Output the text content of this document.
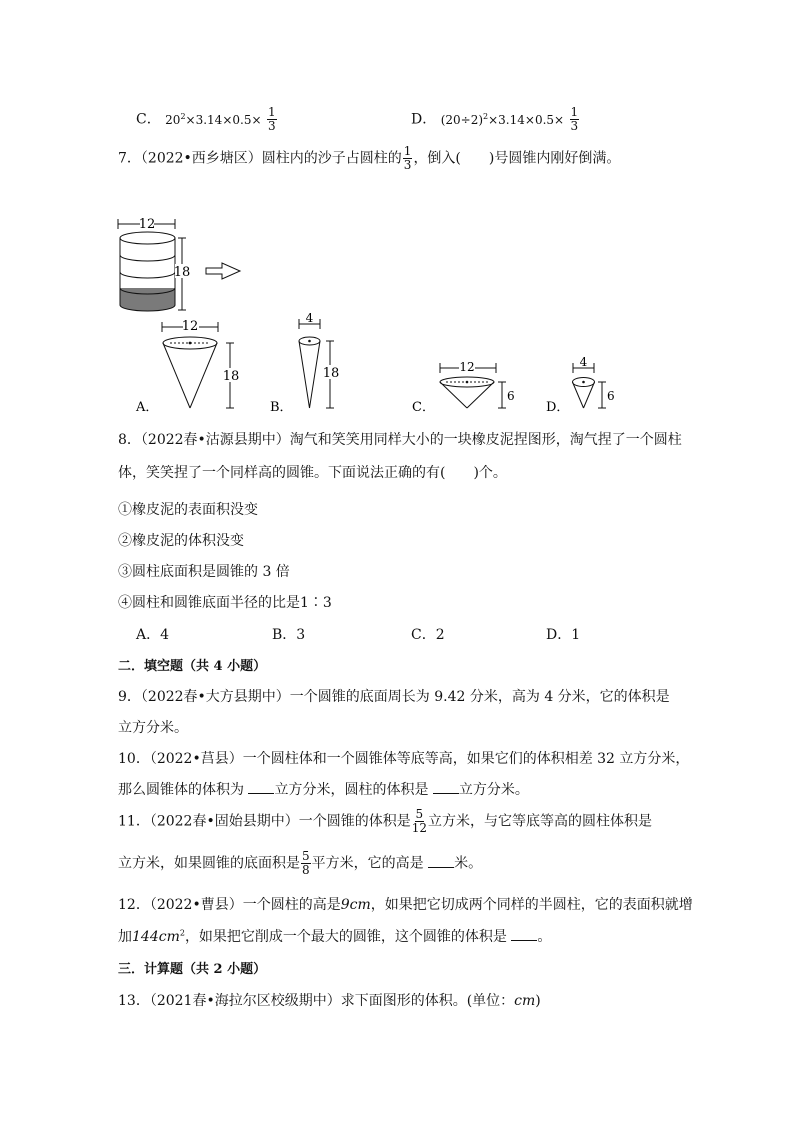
C． $20^2\times 3.14\times 0.5\times \frac{1}{3}$	D． $(20\div 2)^2\times 3.14\times 0.5\times \frac{1}{3}$
7．（2022•西乡塘区）圆柱内的沙子占圆柱的 $\frac{1}{3}$ ，倒入(　　)号圆锥内刚好倒满。
12
18
12
18
A．
4
18
B．
12
6
C．
4
6
D．
8．（2022春•沽源县期中）淘气和笑笑用同样大小的一块橡皮泥捏图形，淘气捏了一个圆柱
体，笑笑捏了一个同样高的圆锥。下面说法正确的有(　　)个。
①橡皮泥的表面积没变
②橡皮泥的体积没变
③圆柱底面积是圆锥的 3 倍
④圆柱和圆锥底面半径的比是1∶3
A．4	B．3	C．2	D．1
二．填空题（共 4 小题）
9．（2022春•大方县期中）一个圆锥的底面周长为 9.42 分米，高为 4 分米，它的体积是
立方分米。
10．（2022•莒县）一个圆柱体和一个圆锥体等底等高，如果它们的体积相差 32 立方分米，
那么圆锥体的体积为 立方分米，圆柱的体积是 立方分米。
11．（2022春•固始县期中）一个圆锥的体积是 $\frac{5}{12}$ 立方米，与它等底等高的圆柱体积是
立方米，如果圆锥的底面积是 $\frac{5}{8}$ 平方米，它的高是 米。
12．（2022•曹县）一个圆柱的高是9cm，如果把它切成两个同样的半圆柱，它的表面积就增
加$144cm^2$，如果把它削成一个最大的圆锥，这个圆锥的体积是 。
三．计算题（共 2 小题）
13．（2021春•海拉尔区校级期中）求下面图形的体积。(单位：cm)
